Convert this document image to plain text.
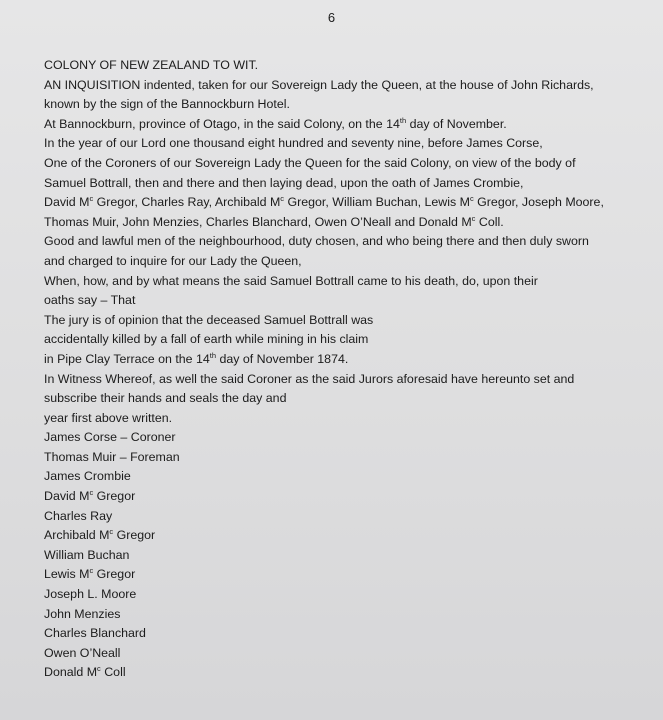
6
COLONY OF NEW ZEALAND TO WIT.
AN INQUISITION indented, taken for our Sovereign Lady the Queen, at the house of John Richards,
known by the sign of the Bannockburn Hotel.
At Bannockburn, province of Otago, in the said Colony, on the 14th day of November.
In the year of our Lord one thousand eight hundred and seventy nine, before James Corse,
One of the Coroners of our Sovereign Lady the Queen for the said Colony, on view of the body of
Samuel Bottrall, then and there and then laying dead, upon the oath of James Crombie,
David $M^c$ Gregor, Charles Ray, Archibald $M^c$ Gregor, William Buchan, Lewis $M^c$ Gregor, Joseph Moore,
Thomas Muir, John Menzies, Charles Blanchard, Owen O’Neall and Donald $M^c$ Coll.
Good and lawful men of the neighbourhood, duty chosen, and who being there and then duly sworn
and charged to inquire for our Lady the Queen,
When, how, and by what means the said Samuel Bottrall came to his death, do, upon their
oaths say – That
The jury is of opinion that the deceased Samuel Bottrall was
accidentally killed by a fall of earth while mining in his claim
in Pipe Clay Terrace on the 14th day of November 1874.
In Witness Whereof, as well the said Coroner as the said Jurors aforesaid have hereunto set and
subscribe their hands and seals the day and
year first above written.
James Corse – Coroner
Thomas Muir – Foreman
James Crombie
David $M^c$ Gregor
Charles Ray
Archibald $M^c$ Gregor
William Buchan
Lewis $M^c$ Gregor
Joseph L. Moore
John Menzies
Charles Blanchard
Owen O’Neall
Donald $M^c$ Coll
